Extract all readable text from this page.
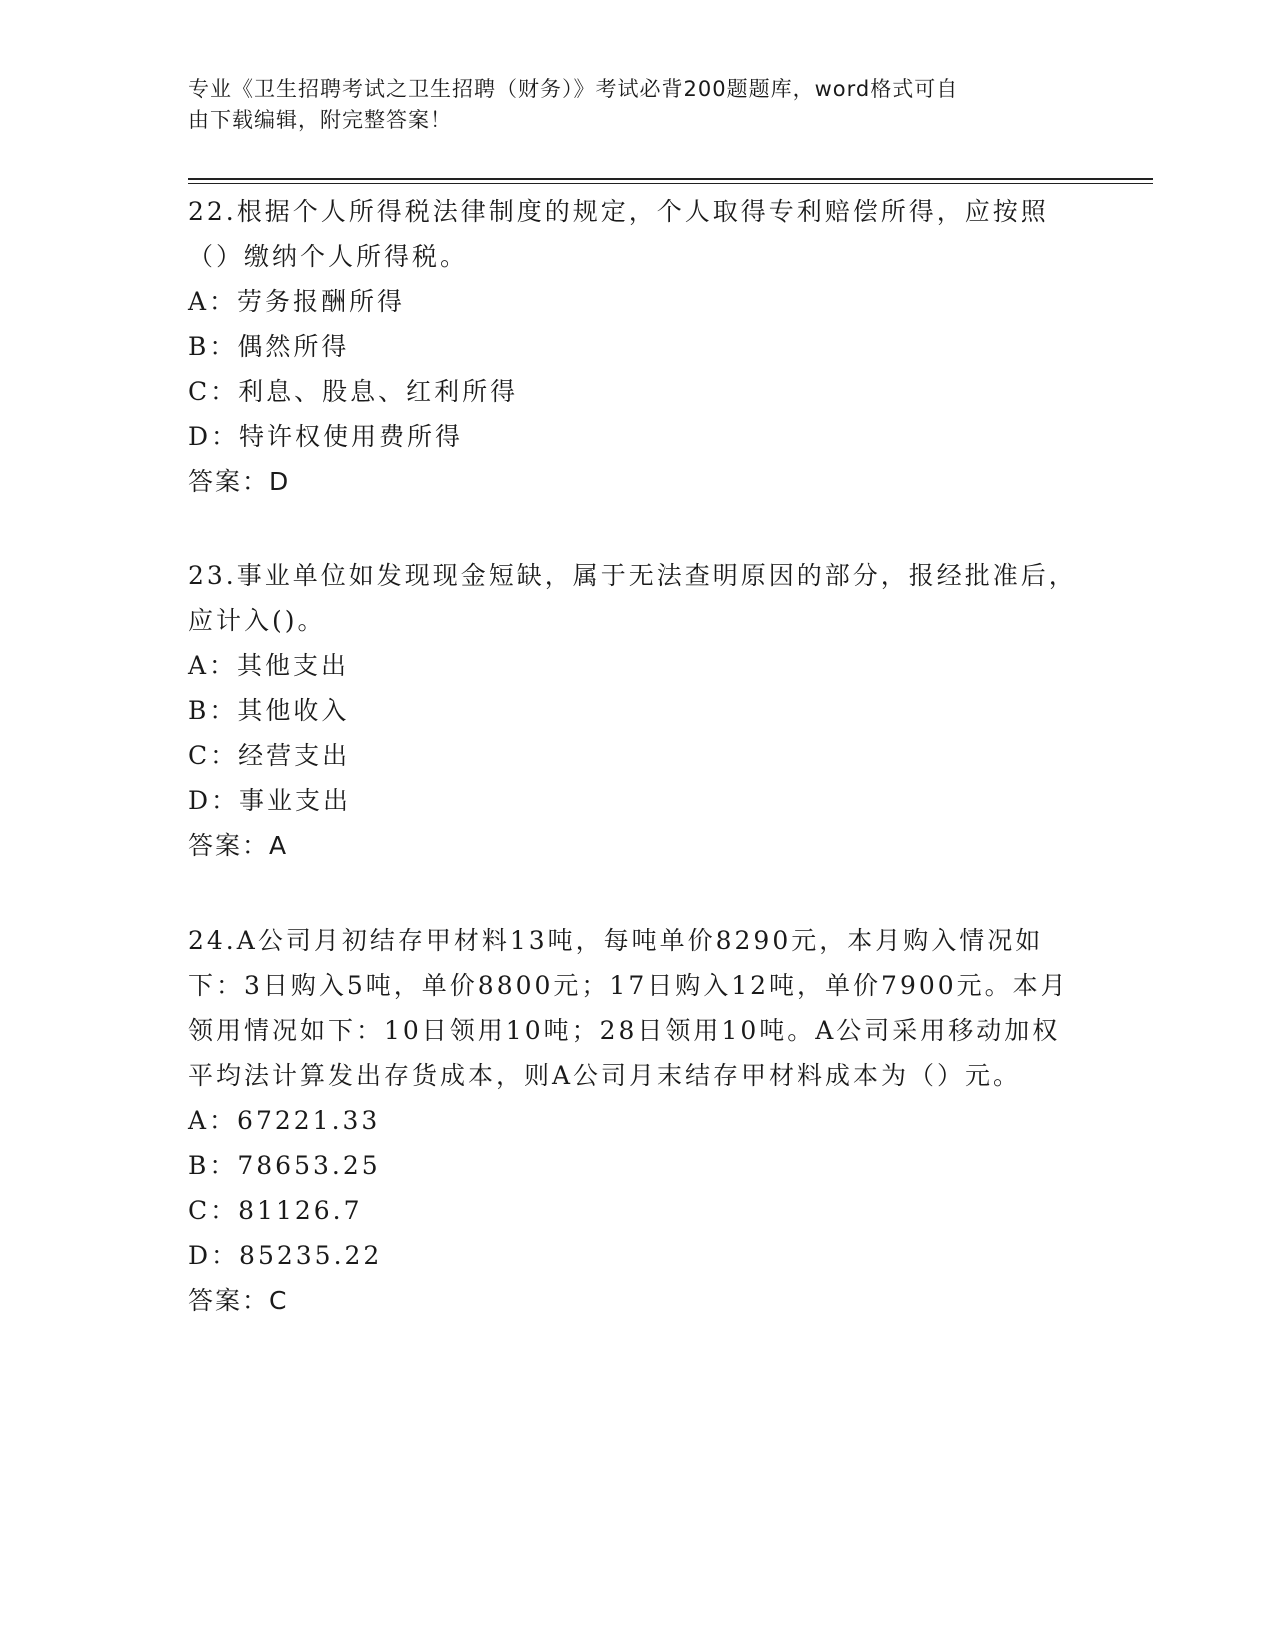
专业《卫生招聘考试之卫生招聘（财务）》考试必背200题题库，word格式可自
由下载编辑，附完整答案！

22.根据个人所得税法律制度的规定，个人取得专利赔偿所得，应按照（）缴纳个人所得税。

A：劳务报酬所得

B：偶然所得

C：利息、股息、红利所得

D：特许权使用费所得

答案：D

23.事业单位如发现现金短缺，属于无法查明原因的部分，报经批准后，应计入()。

A：其他支出

B：其他收入

C：经营支出

D：事业支出

答案：A

24.A公司月初结存甲材料13吨，每吨单价8290元，本月购入情况如下：3日购入5吨，单价8800元；17日购入12吨，单价7900元。本月领用情况如下：10日领用10吨；28日领用10吨。A公司采用移动加权平均法计算发出存货成本，则A公司月末结存甲材料成本为（）元。

A：67221.33

B：78653.25

C：81126.7

D：85235.22

答案：C
